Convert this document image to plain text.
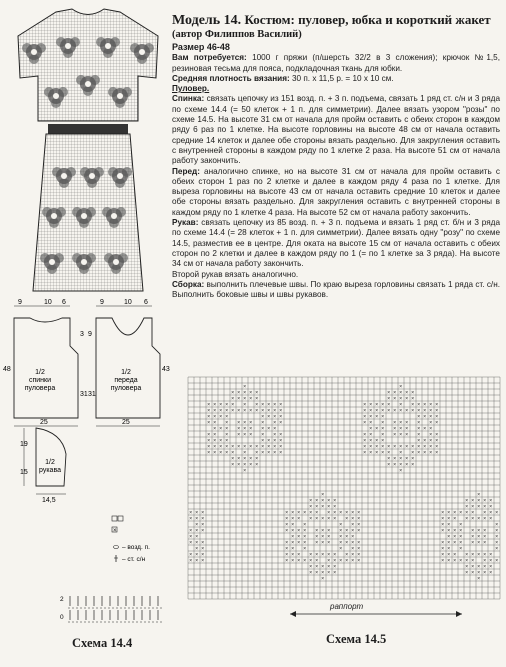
Модель 14. Костюм: пуловер, юбка и короткий жакет
(автор Филиппов Василий)
Размер 46-48

Вам потребуется: 1000 г пряжи (п/шерсть 32/2 в 3 сложения); крючок №1,5, резиновая тесьма для пояса, подкладочная ткань для юбки.

Средняя плотность вязания: 30 п. х 11,5 р. = 10 х 10 см.

Пуловер.

Спинка: связать цепочку из 151 возд. п. + 3 п. подъема, связать 1 ряд ст. с/н и 3 ряда по схеме 14.4 (= 50 клеток + 1 п. для симметрии). Далее вязать узором "розы" по схеме 14.5. На высоте 31 см от начала для пройм оставить с обеих сторон в каждом ряду 6 раз по 1 клетке. На высоте горловины на высоте 48 см от начала оставить средние 14 клеток и далее обе стороны вязать раздельно. Для закругления оставить с внутренней стороны в каждом ряду по 1 клетке 2 раза. На высоте 51 см от начала работу закончить.

Перед: аналогично спинке, но на высоте 31 см от начала для пройм оставить с обеих сторон 1 раз по 2 клетке и далее в каждом ряду 4 раза по 1 клетке. Для выреза горловины на высоте 43 см от начала оставить средние 10 клеток и далее обе стороны вязать раздельно. Для закругления оставить с внутренней стороны в каждом ряду по 1 клетке 4 раза. На высоте 52 см от начала работу закончить.

Рукав: связать цепочку из 85 возд. п. + 3 п. подъема и вязать 1 ряд ст. б/н и 3 ряда по схеме 14.4 (= 28 клеток + 1 п. для симметрии). Далее вязать одну "розу" по схеме 14.5, разместив ее в центре. Для оката на высоте 15 см от начала оставить с обеих сторон по 2 клетки и далее в каждом ряду по 1 (= по 1 клетке за 3 ряда). На высоте 34 см от начала работу закончить.

Второй рукав вязать аналогично.

Сборка: выполнить плечевые швы. По краю выреза горловины связать 1 ряда ст. с/н. Выполнить боковые швы и швы рукавов.

9	10 6
48
31
3
25
1/2
спинки
пуловера
9	10 6
43
31
9
25
1/2
переда
пуловера
19
15
14,5
1/2
рукава
×
– возд. п.
– ст. с/н
2
0
Схема 14.4
×	×
× × × × ×	× × × × ×
× × × × ×	× × × × ×
× × × × × × × × × × ×	× × × × × × × × × × ×
× × × × × × × × × × × × ×	× × × × × × × × × × × × ×
× × × ×	× × × ×	× × × ×	× × × ×
× × × × × × × × ×	× × × × × × × × ×
× × × × × × × × ×	× × × × × × × × ×
× × × × × × × × ×	× × × × × × × × ×
× × × ×	× × × ×	× × × ×	× × × ×
× × × × × × × × × × × × ×	× × × × × × × × × × × × ×
× × × × × × × × × × ×	× × × × × × × × × × ×
× × × × ×	× × × × ×
× × × × ×	× × × × ×
×	×
×	×
× × × × ×	× × × × ×
× × × × ×	× × × × ×
× × ×	× × × × × × × × × × × ×	× × × × × × × × ×
× × ×	× × × × × × × × × × ×	× × × × × × × ×
× ×	× × ×	× × ×	× × ×	×
× × ×	× × × × × × × × × × ×	× × × × × × × ×
× ×	× × × × × × × × ×	× × × × × × ×
× × ×	× × × × × × × × × × ×	× × × × × × × ×
× ×	× × ×	× × ×	× × ×	×
× × ×	× × × × × × × × × × ×	× × × × × × × ×
× × ×	× × × × × × × × × × × ×	× × × × × × × × ×
× × × × ×	× × × × ×
× × × × ×	× × × × ×
×	×
раппорт
Схема 14.5
